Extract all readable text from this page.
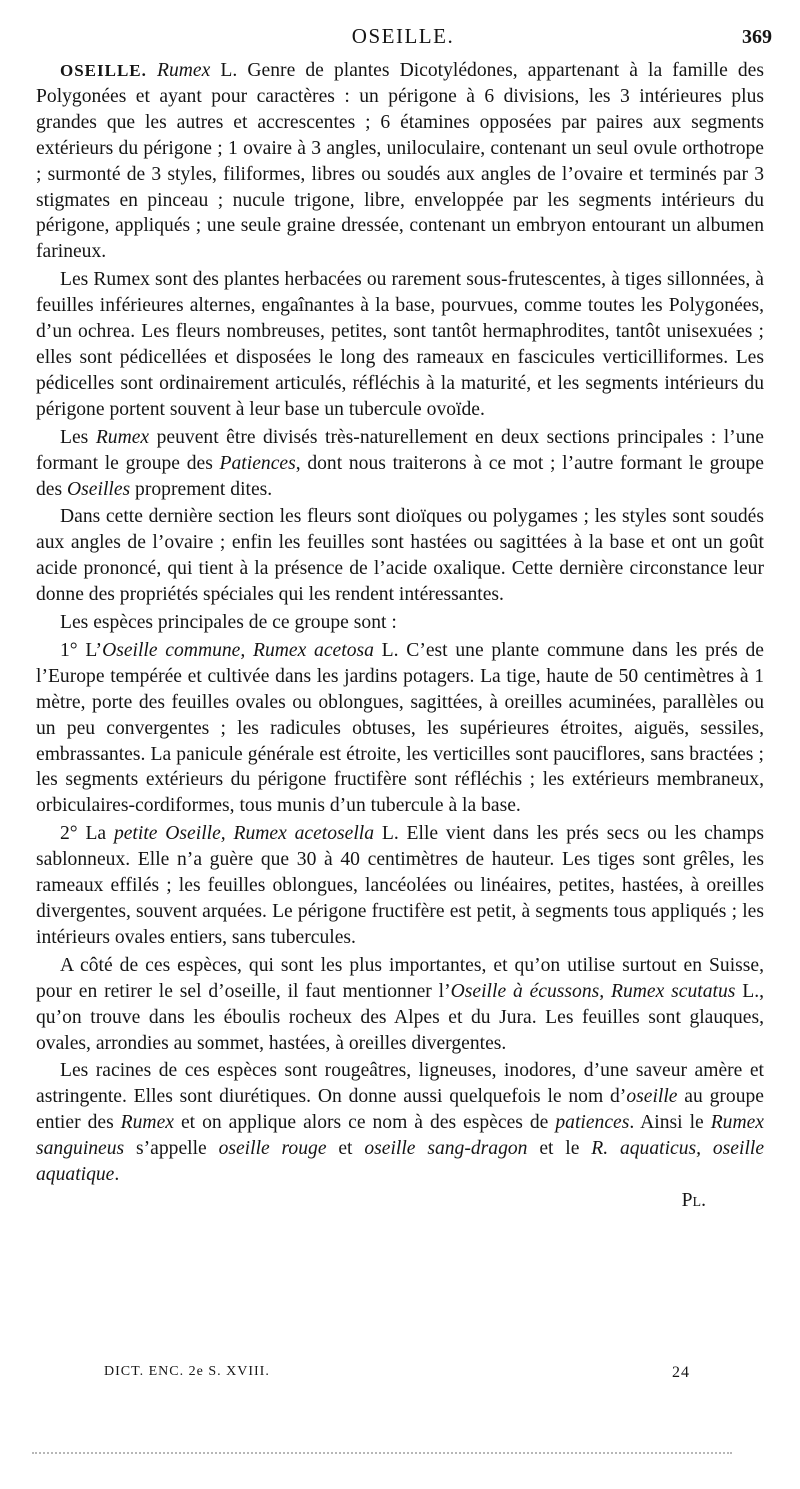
OSEILLE.	369

OSEILLE. Rumex L. Genre de plantes Dicotylédones, appartenant à la famille des Polygonées et ayant pour caractères : un périgone à 6 divisions, les 3 intérieures plus grandes que les autres et accrescentes ; 6 étamines opposées par paires aux segments extérieurs du périgone ; 1 ovaire à 3 angles, uniloculaire, contenant un seul ovule orthotrope ; surmonté de 3 styles, filiformes, libres ou soudés aux angles de l’ovaire et terminés par 3 stigmates en pinceau ; nucule trigone, libre, enveloppée par les segments intérieurs du périgone, appliqués ; une seule graine dressée, contenant un embryon entourant un albumen farineux.

Les Rumex sont des plantes herbacées ou rarement sous-frutescentes, à tiges sillonnées, à feuilles inférieures alternes, engaînantes à la base, pourvues, comme toutes les Polygonées, d’un ochrea. Les fleurs nombreuses, petites, sont tantôt hermaphrodites, tantôt unisexuées ; elles sont pédicellées et disposées le long des rameaux en fascicules verticilliformes. Les pédicelles sont ordinairement articulés, réfléchis à la maturité, et les segments intérieurs du périgone portent souvent à leur base un tubercule ovoïde.

Les Rumex peuvent être divisés très-naturellement en deux sections principales : l’une formant le groupe des Patiences, dont nous traiterons à ce mot ; l’autre formant le groupe des Oseilles proprement dites.

Dans cette dernière section les fleurs sont dioïques ou polygames ; les styles sont soudés aux angles de l’ovaire ; enfin les feuilles sont hastées ou sagittées à la base et ont un goût acide prononcé, qui tient à la présence de l’acide oxalique. Cette dernière circonstance leur donne des propriétés spéciales qui les rendent intéressantes.

Les espèces principales de ce groupe sont :

1° L’Oseille commune, Rumex acetosa L. C’est une plante commune dans les prés de l’Europe tempérée et cultivée dans les jardins potagers. La tige, haute de 50 centimètres à 1 mètre, porte des feuilles ovales ou oblongues, sagittées, à oreilles acuminées, parallèles ou un peu convergentes ; les radicules obtuses, les supérieures étroites, aiguës, sessiles, embrassantes. La panicule générale est étroite, les verticilles sont pauciflores, sans bractées ; les segments extérieurs du périgone fructifère sont réfléchis ; les extérieurs membraneux, orbiculaires-cordiformes, tous munis d’un tubercule à la base.

2° La petite Oseille, Rumex acetosella L. Elle vient dans les prés secs ou les champs sablonneux. Elle n’a guère que 30 à 40 centimètres de hauteur. Les tiges sont grêles, les rameaux effilés ; les feuilles oblongues, lancéolées ou linéaires, petites, hastées, à oreilles divergentes, souvent arquées. Le périgone fructifère est petit, à segments tous appliqués ; les intérieurs ovales entiers, sans tubercules.

A côté de ces espèces, qui sont les plus importantes, et qu’on utilise surtout en Suisse, pour en retirer le sel d’oseille, il faut mentionner l’Oseille à écussons, Rumex scutatus L., qu’on trouve dans les éboulis rocheux des Alpes et du Jura. Les feuilles sont glauques, ovales, arrondies au sommet, hastées, à oreilles divergentes.

Les racines de ces espèces sont rougeâtres, ligneuses, inodores, d’une saveur amère et astringente. Elles sont diurétiques. On donne aussi quelquefois le nom d’oseille au groupe entier des Rumex et on applique alors ce nom à des espèces de patiences. Ainsi le Rumex sanguineus s’appelle oseille rouge et oseille sang-dragon et le R. aquaticus, oseille aquatique.
Pl.

DICT. ENC. 2e S. XVIII.	24
